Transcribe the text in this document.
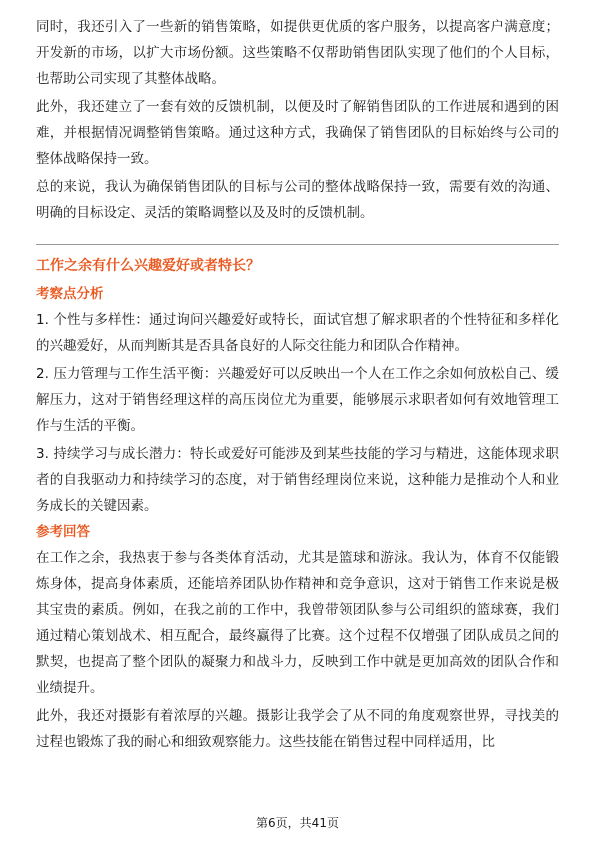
同时，我还引入了一些新的销售策略，如提供更优质的客户服务，以提高客户满意度；开发新的市场，以扩大市场份额。这些策略不仅帮助销售团队实现了他们的个人目标，也帮助公司实现了其整体战略。

此外，我还建立了一套有效的反馈机制，以便及时了解销售团队的工作进展和遇到的困难，并根据情况调整销售策略。通过这种方式，我确保了销售团队的目标始终与公司的整体战略保持一致。

总的来说，我认为确保销售团队的目标与公司的整体战略保持一致，需要有效的沟通、明确的目标设定、灵活的策略调整以及及时的反馈机制。

工作之余有什么兴趣爱好或者特长？

考察点分析

1. 个性与多样性：通过询问兴趣爱好或特长，面试官想了解求职者的个性特征和多样化的兴趣爱好，从而判断其是否具备良好的人际交往能力和团队合作精神。

2. 压力管理与工作生活平衡：兴趣爱好可以反映出一个人在工作之余如何放松自己、缓解压力，这对于销售经理这样的高压岗位尤为重要，能够展示求职者如何有效地管理工作与生活的平衡。

3. 持续学习与成长潜力：特长或爱好可能涉及到某些技能的学习与精进，这能体现求职者的自我驱动力和持续学习的态度，对于销售经理岗位来说，这种能力是推动个人和业务成长的关键因素。

参考回答

在工作之余，我热衷于参与各类体育活动，尤其是篮球和游泳。我认为，体育不仅能锻炼身体，提高身体素质，还能培养团队协作精神和竞争意识，这对于销售工作来说是极其宝贵的素质。例如，在我之前的工作中，我曾带领团队参与公司组织的篮球赛，我们通过精心策划战术、相互配合，最终赢得了比赛。这个过程不仅增强了团队成员之间的默契，也提高了整个团队的凝聚力和战斗力，反映到工作中就是更加高效的团队合作和业绩提升。

此外，我还对摄影有着浓厚的兴趣。摄影让我学会了从不同的角度观察世界，寻找美的过程也锻炼了我的耐心和细致观察能力。这些技能在销售过程中同样适用，比

第6页，共41页
